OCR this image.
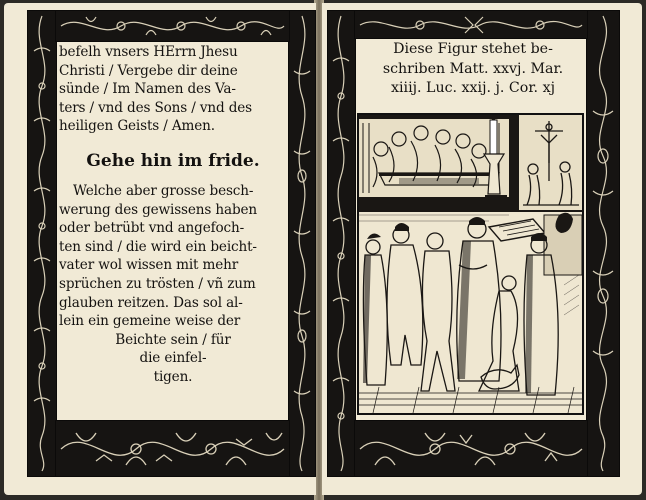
befelh vnsers HErrn Jhesu
Christi / Vergebe dir deine
sünde / Im Namen des Va-
ters / vnd des Sons / vnd des
heiligen Geists / Amen.
Gehe hin im fride.
Welche aber grosse besch-
werung des gewissens haben
oder betrübt vnd angefoch-
ten sind / die wird ein beicht-
vater wol wissen mit mehr
sprüchen zu trösten / vñ zum
glauben reitzen. Das sol al-
lein ein gemeine weise der
Beichte sein / für
die einfel-
tigen.
Diese Figur stehet be-
schriben Matt. xxvj. Mar.
xiiij. Luc. xxij. j. Cor. xj
